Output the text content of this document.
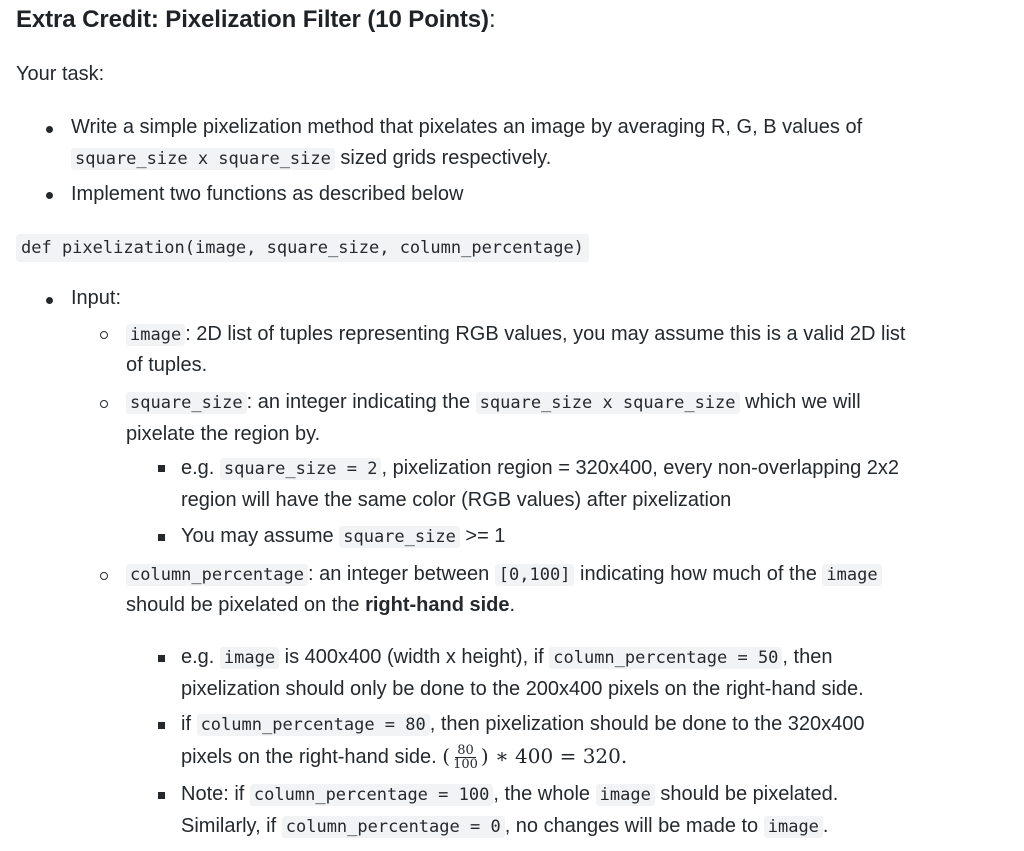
Extra Credit: Pixelization Filter (10 Points):

Your task:

Write a simple pixelization method that pixelates an image by averaging R, G, B values of
square_size x square_size sized grids respectively.
Implement two functions as described below
def pixelization(image, square_size, column_percentage)
Input:
image : 2D list of tuples representing RGB values, you may assume this is a valid 2D list
of tuples.
square_size : an integer indicating the square_size x square_size which we will
pixelate the region by.
e.g. square_size = 2 , pixelization region = 320x400, every non-overlapping 2x2
region will have the same color (RGB values) after pixelization
You may assume square_size >= 1
column_percentage : an integer between [0,100] indicating how much of the image
should be pixelated on the right-hand side.
e.g. image is 400x400 (width x height), if column_percentage = 50 , then
pixelization should only be done to the 200x400 pixels on the right-hand side.
if column_percentage = 80 , then pixelization should be done to the 320x400
pixels on the right-hand side. ( $\frac{80}{100}$ ) ∗ 400 = 320.
Note: if column_percentage = 100 , the whole image should be pixelated.
Similarly, if column_percentage = 0 , no changes will be made to image .
